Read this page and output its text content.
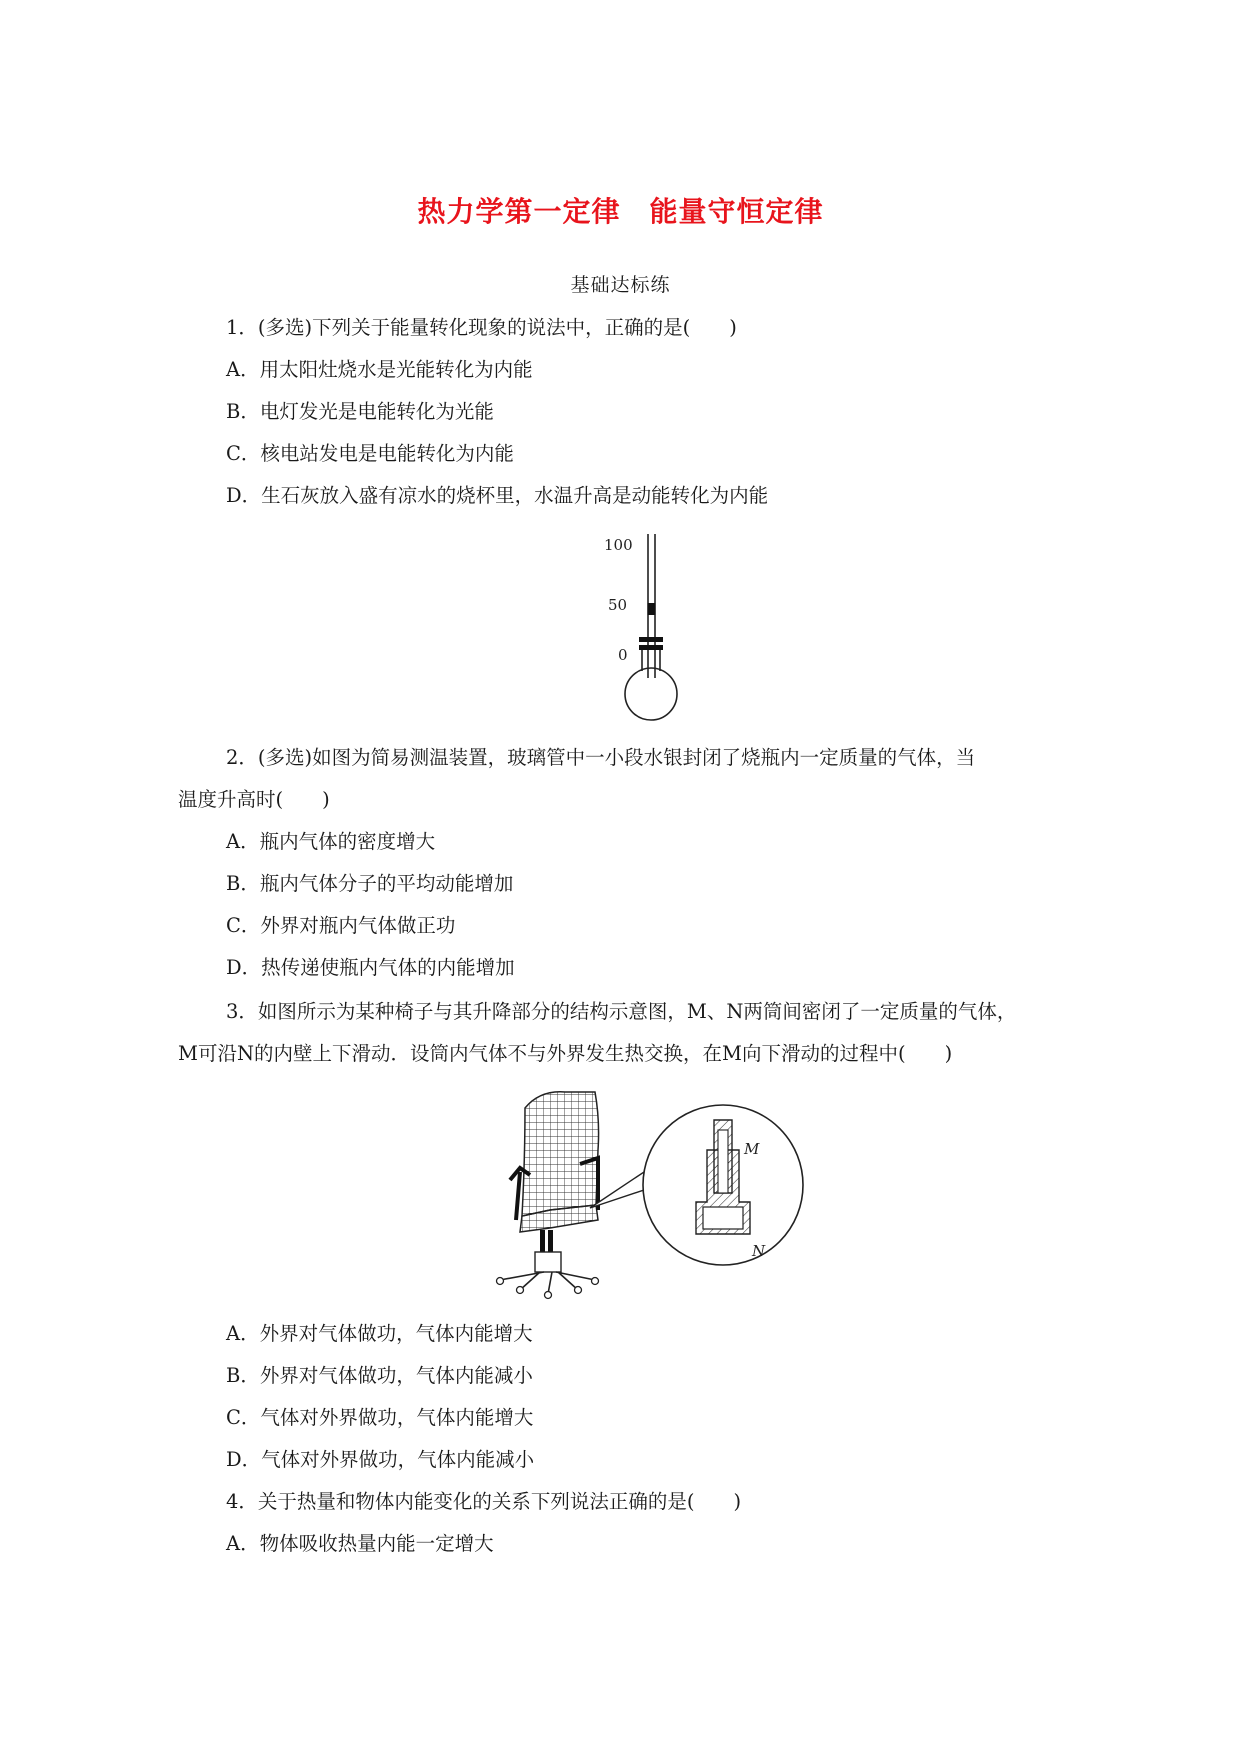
热力学第一定律　能量守恒定律
基础达标练
1．(多选)下列关于能量转化现象的说法中，正确的是(　　)
A．用太阳灶烧水是光能转化为内能
B．电灯发光是电能转化为光能
C．核电站发电是电能转化为内能
D．生石灰放入盛有凉水的烧杯里，水温升高是动能转化为内能
100
50
0
2．(多选)如图为简易测温装置，玻璃管中一小段水银封闭了烧瓶内一定质量的气体，当
温度升高时(　　)
A．瓶内气体的密度增大
B．瓶内气体分子的平均动能增加
C．外界对瓶内气体做正功
D．热传递使瓶内气体的内能增加
3．如图所示为某种椅子与其升降部分的结构示意图，M、N两筒间密闭了一定质量的气体，
M可沿N的内壁上下滑动．设筒内气体不与外界发生热交换，在M向下滑动的过程中(　　)
M
N
A．外界对气体做功，气体内能增大
B．外界对气体做功，气体内能减小
C．气体对外界做功，气体内能增大
D．气体对外界做功，气体内能减小
4．关于热量和物体内能变化的关系下列说法正确的是(　　)
A．物体吸收热量内能一定增大
